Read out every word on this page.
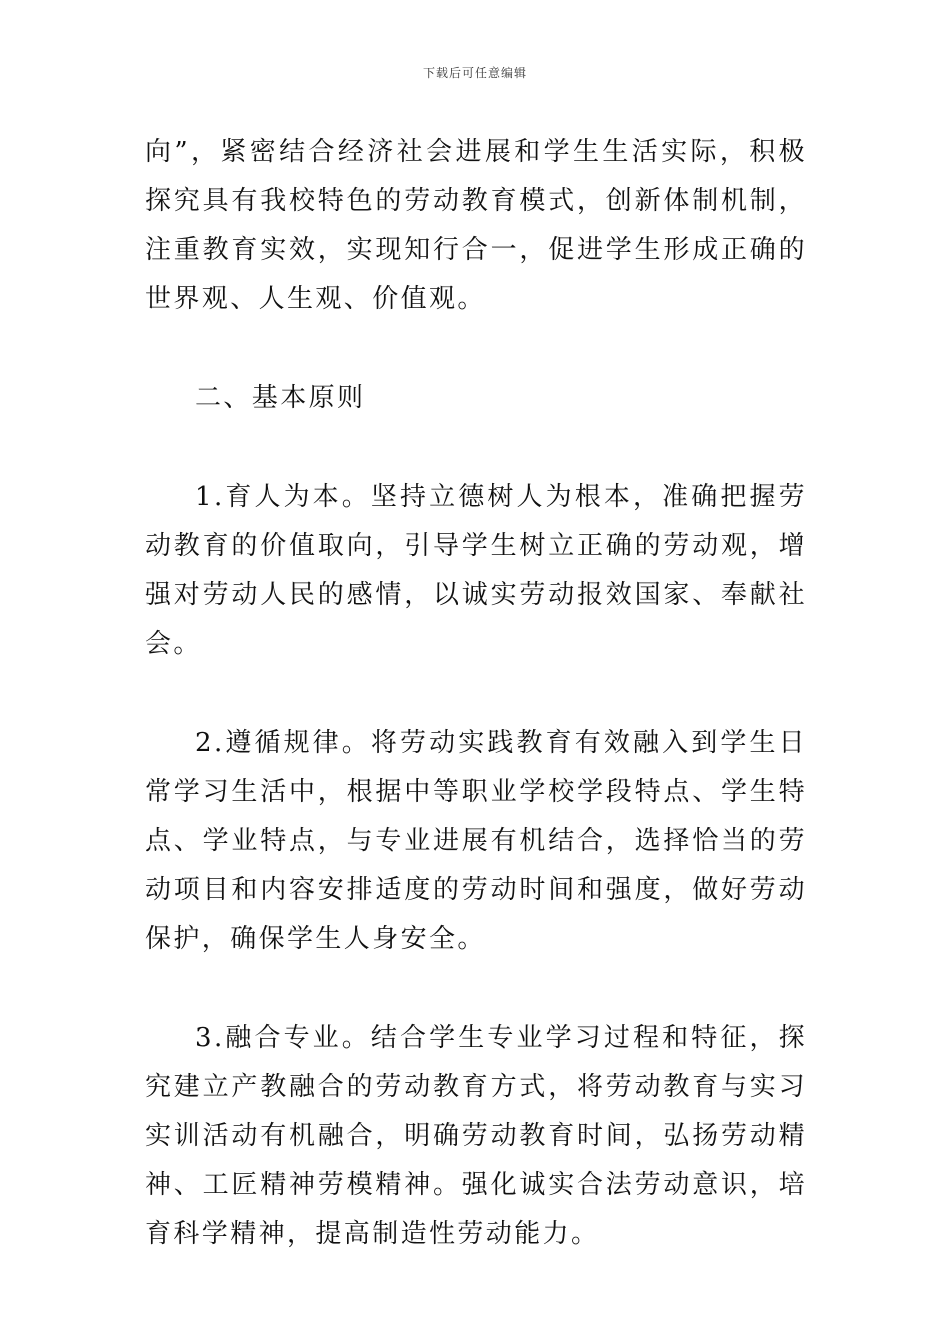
下载后可任意编辑

向”，紧密结合经济社会进展和学生生活实际，积极探究具有我校特色的劳动教育模式，创新体制机制，注重教育实效，实现知行合一，促进学生形成正确的世界观、人生观、价值观。

二、基本原则

1.育人为本。坚持立德树人为根本，准确把握劳动教育的价值取向，引导学生树立正确的劳动观，增强对劳动人民的感情，以诚实劳动报效国家、奉献社会。

2.遵循规律。将劳动实践教育有效融入到学生日常学习生活中，根据中等职业学校学段特点、学生特点、学业特点，与专业进展有机结合，选择恰当的劳动项目和内容安排适度的劳动时间和强度，做好劳动保护，确保学生人身安全。

3.融合专业。结合学生专业学习过程和特征，探究建立产教融合的劳动教育方式，将劳动教育与实习实训活动有机融合，明确劳动教育时间，弘扬劳动精神、工匠精神劳模精神。强化诚实合法劳动意识，培育科学精神，提高制造性劳动能力。
